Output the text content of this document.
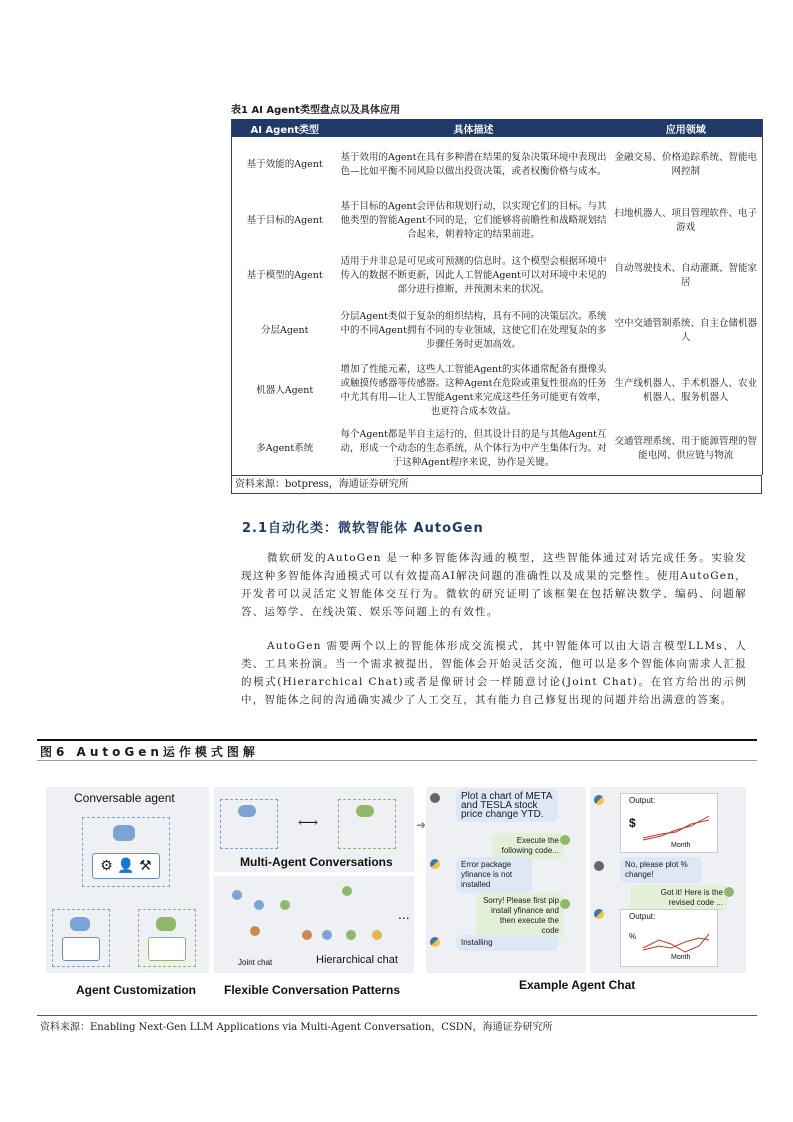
表1 AI Agent类型盘点以及具体应用
AI Agent类型	具体描述	应用领域
基于效能的Agent	基于效用的Agent在具有多种潜在结果的复杂决策环境中表现出色—比如平衡不同风险以做出投资决策，或者权衡价格与成本。	金融交易、价格追踪系统、智能电网控制
基于目标的Agent	基于目标的Agent会评估和规划行动，以实现它们的目标。与其他类型的智能Agent不同的是，它们能够将前瞻性和战略规划结合起来，朝着特定的结果前进。	扫地机器人、项目管理软件、电子游戏
基于模型的Agent	适用于并非总是可见或可预测的信息时。这个模型会根据环境中传入的数据不断更新，因此人工智能Agent可以对环境中未见的部分进行推断，并预测未来的状况。	自动驾驶技术、自动灌溉、智能家居
分层Agent	分层Agent类似于复杂的组织结构，具有不同的决策层次。系统中的不同Agent拥有不同的专业领域，这使它们在处理复杂的多步骤任务时更加高效。	空中交通管制系统、自主仓储机器人
机器人Agent	增加了性能元素，这些人工智能Agent的实体通常配备有摄像头或触摸传感器等传感器。这种Agent在危险或重复性很高的任务中尤其有用—让人工智能Agent来完成这些任务可能更有效率，也更符合成本效益。	生产线机器人、手术机器人、农业机器人、服务机器人
多Agent系统	每个Agent都是半自主运行的，但其设计目的是与其他Agent互动，形成一个动态的生态系统，从个体行为中产生集体行为。对于这种Agent程序来说，协作是关键。	交通管理系统、用于能源管理的智能电网、供应链与物流
资料来源：botpress，海通证券研究所
2.1自动化类：微软智能体 AutoGen
微软研发的AutoGen 是一种多智能体沟通的模型，这些智能体通过对话完成任务。实验发现这种多智能体沟通模式可以有效提高AI解决问题的准确性以及成果的完整性。使用AutoGen，开发者可以灵活定义智能体交互行为。微软的研究证明了该框架在包括解决数学、编码、问题解答、运筹学、在线决策、娱乐等问题上的有效性。
AutoGen 需要两个以上的智能体形成交流模式，其中智能体可以由大语言模型LLMs、人类、工具来扮演。当一个需求被提出，智能体会开始灵活交流，他可以是多个智能体向需求人汇报的模式(Hierarchical Chat)或者是像研讨会一样随意讨论(Joint Chat)。在官方给出的示例中，智能体之间的沟通确实减少了人工交互，其有能力自己修复出现的问题并给出满意的答案。
图6 AutoGen运作模式图解
Conversable agent
⚙ 👤 ⚒
Agent Customization
⟷
Multi-Agent Conversations
...
Joint chat	Hierarchical chat
Flexible Conversation Patterns
➜
Plot a chart of META and TESLA stock price change YTD.
Execute the following code...
Error package yfinance is not installed
Sorry! Please first pip install yfinance and then execute the code
Installing
Example Agent Chat
Output:
$
Month
No, please plot % change!
Got it! Here is the revised code ...
Output:
%
Month
资料来源：Enabling Next-Gen LLM Applications via Multi-Agent Conversation，CSDN，海通证券研究所
